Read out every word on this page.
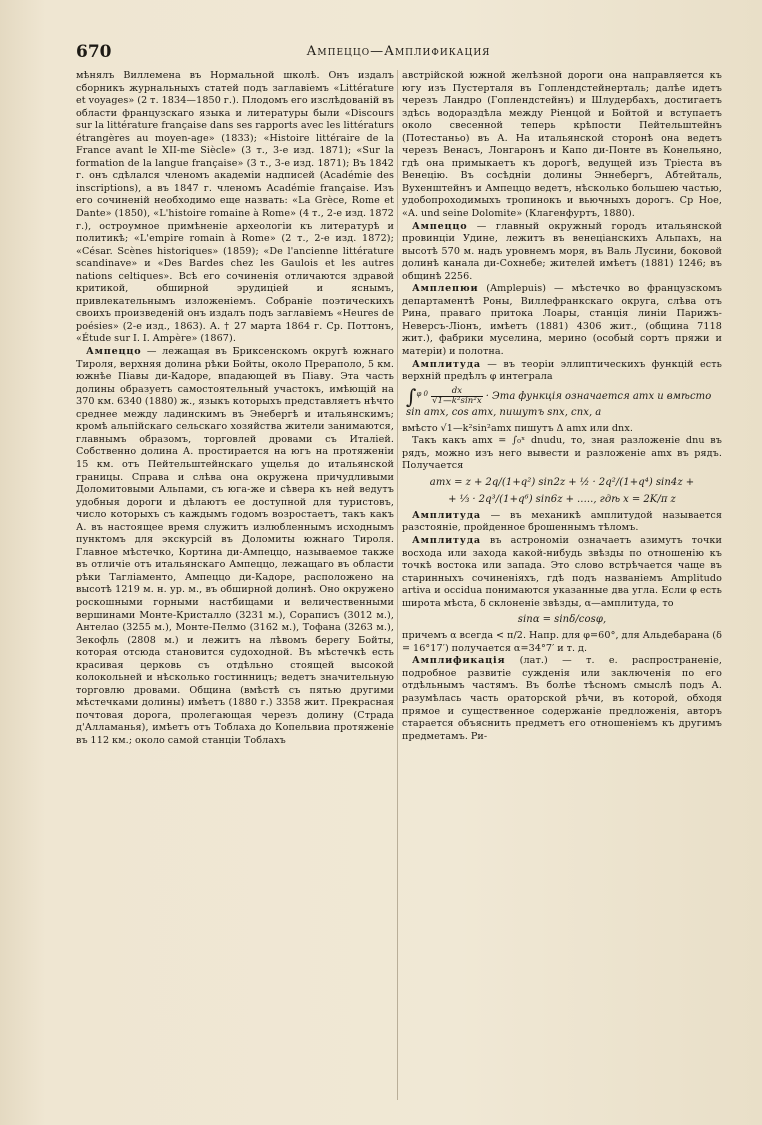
670	Ампеццо—Амплификация

мѣнялъ Виллемена въ Нормальной школѣ. Онъ издалъ сборникъ журнальныхъ статей подъ заглавіемъ «Littérature et voyages» (2 т. 1834—1850 г.). Плодомъ его изслѣдованій въ области французскаго языка и литературы были «Discours sur la littérature française dans ses rapports avec les littératurs étrangères au moyen-age» (1833); «Histoire littéraire de la France avant le XII-me Siècle» (3 т., 3-е изд. 1871); «Sur la formation de la langue française» (3 т., 3-е изд. 1871); Въ 1842 г. онъ сдѣлался членомъ академіи надписей (Académie des inscriptions), а въ 1847 г. членомъ Académie française. Изъ его сочиненій необходимо еще назвать: «La Grèce, Rome et Dante» (1850), «L'histoire romaine à Rome» (4 т., 2-е изд. 1872 г.), остроумное примѣненіе археологіи къ литературѣ и политикѣ; «L'empire romain à Rome» (2 т., 2-е изд. 1872); «César. Scènes historiques» (1859); «De l'ancienne littérature scandinave» и «Des Bardes chez les Gaulois et les autres nations celtiques». Всѣ его сочиненія отличаются здравой критикой, обширной эрудиціей и яснымъ, привлекательнымъ изложеніемъ. Собраніе поэтическихъ своихъ произведеній онъ издалъ подъ заглавіемъ «Heures de poésies» (2-е изд., 1863). А. † 27 марта 1864 г. Ср. Поттонъ, «Étude sur I. I. Ampère» (1867).

Ампеццо — лежащая въ Бриксенскомъ округѣ южнаго Тироля, верхняя долина рѣки Бойты, около Прераполо, 5 км. южнѣе Піавы ди-Кадоре, впадающей въ Піаву. Эта часть долины образуетъ самостоятельный участокъ, имѣющій на 370 км. 6340 (1880) ж., языкъ которыхъ представляетъ нѣчто среднее между ладинскимъ въ Энебергѣ и итальянскимъ; кромѣ альпійскаго сельскаго хозяйства жители занимаются, главнымъ образомъ, торговлей дровами съ Италіей. Собственно долина А. простирается на югъ на протяженіи 15 км. отъ Пейтельштейнскаго ущелья до итальянской границы. Справа и слѣва она окружена причудливыми Доломитовыми Альпами, съ юга-же и сѣвера къ ней ведутъ удобныя дороги и дѣлаютъ ее доступной для туристовъ, число которыхъ съ каждымъ годомъ возростаетъ, такъ какъ А. въ настоящее время служитъ излюбленнымъ исходнымъ пунктомъ для экскурсій въ Доломиты южнаго Тироля. Главное мѣстечко, Кортина ди-Ампеццо, называемое также въ отличіе отъ итальянскаго Ампеццо, лежащаго въ области рѣки Тагліаменто, Ампеццо ди-Кадоре, расположено на высотѣ 1219 м. н. ур. м., въ обширной долинѣ. Оно окружено роскошными горными настбищами и величественными вершинами Монте-Кристалло (3231 м.), Сораписъ (3012 м.), Антелао (3255 м.), Монте-Пелмо (3162 м.), Тофана (3263 м.), Зекофль (2808 м.) и лежитъ на лѣвомъ берегу Бойты, которая отсюда становится судоходной. Въ мѣстечкѣ есть красивая церковь съ отдѣльно стоящей высокой колокольней и нѣсколько гостинницъ; ведетъ значительную торговлю дровами. Община (вмѣстѣ съ пятью другими мѣстечками долины) имѣетъ (1880 г.) 3358 жит. Прекрасная почтовая дорога, пролегающая черезъ долину (Страда д'Алламанья), имѣетъ отъ Тоблаха до Копельвиа протяженіе въ 112 км.; около самой станціи Тоблахъ

австрійской южной желѣзной дороги она направляется къ югу изъ Пустерталя въ Гоплендстейнерталь; далѣе идетъ черезъ Ландро (Гоплендстейнъ) и Шлудербахъ, достигаетъ здѣсь водораздѣла между Ріенцой и Бойтой и вступаетъ около свесенной теперь крѣпости Пейтельштейнъ (Потестаньо) въ А. На итальянской сторонѣ она ведетъ черезъ Венасъ, Лонгаронъ и Капо ди-Понте въ Конельяно, гдѣ она примыкаетъ къ дорогѣ, ведущей изъ Тріеста въ Венецію. Въ сосѣдніи долины Эннебергъ, Абтейталь, Вухенштейнъ и Ампеццо ведетъ, нѣсколько большею частью, удобопроходимыхъ тропинокъ и вьючныхъ дорогъ. Ср Ное, «A. und seine Dolomite» (Клагенфуртъ, 1880).

Ампеццо — главный окружный городъ итальянской провинціи Удине, лежитъ въ венеціанскихъ Альпахъ, на высотѣ 570 м. надъ уровнемъ моря, въ Валь Лусини, боковой долинѣ канала ди-Сохнебе; жителей имѣетъ (1881) 1246; въ общинѣ 2256.

Амплепюи (Amplepuis) — мѣстечко во французскомъ департаментѣ Роны, Виллефранкскаго округа, слѣва отъ Рина, праваго притока Лоары, станція линіи Парижъ-Неверсъ-Ліонъ, имѣетъ (1881) 4306 жит., (община 7118 жит.), фабрики муселина, мерино (особый сортъ пряжи и матеріи) и полотна.

Амплитуда — въ теоріи эллиптическихъ функцій есть верхній предѣлъ φ интеграла

$\int^{\varphi 0} \frac{dx}{\text{√1—k²sin²x}}$ · Эта функція означается amx и вмѣсто sin amx, cos amx, пишутъ snx, cnx, а

вмѣсто √1—k²sin²amx пишутъ Δ amx или dnx.

Такъ какъ amx = ∫₀ˣ dnudu, то, зная разложеніе dnu въ рядъ, можно изъ него вывести и разложеніе amx въ рядъ. Получается

amx = z + 2q/(1+q²) sin2z + ½ · 2q²/(1+q⁴) sin4z +
+ ⅓ · 2q³/(1+q⁶) sin6z + ....., гдѣ x = 2K/π z

Амплитуда — въ механикѣ амплитудой называется разстояніе, пройденное брошеннымъ тѣломъ.

Амплитуда въ астрономіи означаетъ азимутъ точки восхода или захода какой-нибудь звѣзды по отношенію къ точкѣ востока или запада. Это слово встрѣчается чаще въ старинныхъ сочиненіяхъ, гдѣ подъ названіемъ Amplitudo artiva и occidua понимаются указанные два угла. Если φ есть широта мѣста, δ склоненіе звѣзды, α—амплитуда, то

sinα = sinδ/cosφ,

причемъ α всегда < π/2. Напр. для φ=60°, для Альдебарана (δ = 16°17′) получается α=34°7′ и т. д.

Амплификація (лат.) — т. е. распространеніе, подробное развитіе сужденія или заключенія по его отдѣльнымъ частямъ. Въ болѣе тѣсномъ смыслѣ подъ А. разумѣлась часть ораторской рѣчи, въ которой, обходя прямое и существенное содержаніе предложенія, авторъ старается объяснить предметъ его отношеніемъ къ другимъ предметамъ. Ри-
